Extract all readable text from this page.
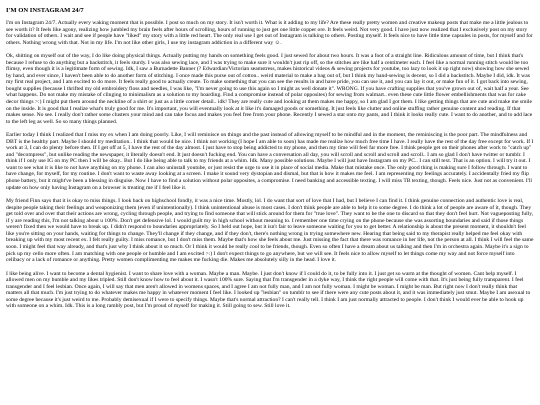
I'M ON INSTAGRAM 24/7

I'm on Instagram 24/7. Actually every waking moment that is possible. I post so much on my story. It isn't worth it. What is it adding to my life? Are these really pretty women and creative makeup posts that make me a little jealous to see worth it? It feels like agony, realizing how jumbled my brain feels after hours of scrolling, hours of running to just get one little copper ore. It feels weird. Not very good. I have just now realized that I exclusively post on my story for validation of others. I wait and see if people have "liked" my story with a little red heart. The only real use I get out of Instagram is talking to others. Posting myself. It feels nice to have little time capsules in posts, for myself and for others. Nothing wrong with that. Not in my life. I'm not like other girls, I use my instagram addiction in a different way ☺.

Ok, shitting on myself out of the way, I do like doing physical things. Actually putting my hands on something feels good. I just sewed for about two hours. It was a foot of a straight line. Ridiculous amount of time, but I think that's because I refuse to do anything but a backstitch, it feels sturdy. I was also sewing lace, and I was trying to make sure it wouldn't just rip off, so the stitches are like half a centimeter each. I feel like a normal running stitch would be too flimsy, even though it is a legitimate form of sewing. Idk, I saw a Burnadette Banner (? Edwardian/Victorian seamstress, makes historical videos & sewing projects for youtube, too lazy to look it up right now) showing how she sewed by hand, and ever since, I haven't been able to do another form of stitching. I once made this purse out of cotton.. weird material to make a bag out of, but I think my hand-sewing is decent, so I did a backstitch. Maybe I did, idk. It was my first real project, and I am excited to do more. It feels really good to actually create. To make something that you can see the results in and have pride, you can use it, and you can lay it out, or make fun of it. I got back into sewing, bought supplies (because I thrifted my old embroidery floss and needles, I was like, "I'm never going to use this again so I might as well donate it". WRONG. If you have crafting supplies that you've grown out of, wait half a year. See what happens. Do not make my mistake of clinging to minimalism as a solution to my hoarding. Find a compromise instead of polar opposites) for sewing from walmart.. even these cute little flower embellishments that was for cake decor things >:) I might put them around the neckline of a shirt or just as a little corner detail.. idk! They are really cute and looking at them makes me happy, so I am glad I got them. I like getting things that are cute and make me smile on the inside. It is good that I realize what's truly good for me. It's important, you will eventually look at it like it's damaged goods or something. It just feels like clutter and online stuffing rather genuine content and reading. If that makes sense. No see. I really don't rather some clusters your mind and can take focus and makes you feel free from your phone. Recently I sewed a star onto my pants, and I think it looks really cute. I want to do another, and to add lace to the left leg as well. So so many things planned.

Earlier today I think I realized that I miss my ex when I am doing poorly. Like, I will reminisce on things and the past instead of allowing myself to be mindful and in the moment, the reminiscing is the poor part. The mindfulness and DBT is the healthy part. Maybe I should try meditation.. I think that would be nice. I think not working (I hope I am able to soon) has made me realize how much free time I have. I really have the rest of the day free except for work. If I work at 3, I can do plenty before then. If I get off at 5, I have the rest of the day almost. I just have to stop being addicted to my phone, and then my time will feel far more free. I think people get on their phones after work to "catch up" and "decompress", but unlike reading the newspaper, it literally doesn't end. It just doesn't fucking end. You can have a conversation all day, you will scroll and scroll and scroll and scroll.. I am so glad I don't have twitter or tumblr. I think if I only use IG on my PC then I will be okay.. But I do like being able to talk to my friends at a whim. Idk. Many possible solutions. Maybe I will just have Instagram on my PC.. I can still text. That is an option. I will try it out. I want to see what it is like to not have anything on my phone. I can also uninstall youtube, or just resist the urge to use it in place of social media. Make that mistake once. The only good thing is making sure I follow through. I want to have change, for myself, for my routine. I don't want to waste away looking at a screen. I make it sound very dystopian and dismal, but that is how it makes me feel. I am representing my feelings accurately. I accidentally fried my flip phone battery, but it might've been a blessing in disguise. Now I have to find a solution without polar opposites, a compromise. I need banking and accessible texting. I will miss TB texting, though. Feels nice. Just not as convenient. I'll update on how only having Instagram on a browser is treating me if I feel like it.

My friend Finn says that it is okay to miss things. I look back on highschool fondly, it was a nice time. Mostly, lol. I do want that sort of love that I had, but I believe I can find it. I think genuine connection and authentic love is real, despite people taking their feelings and weaponizing them (even if unintentionally). I think unintentional abuse is most cases. I don't think people are able to help it to some degree. I do think a lot of people are aware of it, though. They get told over and over that their actions are wrong, cycling through people, and trying to find someone that will stick around for them for "true love". They want to be the one to discard so that they don't feel hurt. Not vagueposting fully, if y are reading this, I'm not talking about u 100%. Don't get defensive lol. I would guilt my in high school without meaning to. I remember one time crying on the phone because she was assorting boundaries and said if those things weren't fixed then we would have to break up. I didn't respond to boundaries appropriately. So I held out hope, but it isn't fair to leave someone waiting for you to get better. A relationship is about the present moment, it shouldn't feel like you're sitting on your hands, waiting for things to change. They'll change if they change, and if they don't, there's nothing wrong in trying somewhere new. Hearing that being said to my therapist really helped me feel okay with breaking up with my most recent ex. I felt really guilty. I miss romance, but I don't miss them. Maybe that's how she feels about me. Just missing the fact that there was romance in her life, not the person at all. I think I will feel the same soon. I might feel that way already, and that's just why I think about it so much. Or I think it would be really cool to be friends, though. Even so often I have a dream about us talking and then I'm in orchestra again. Maybe it's a sign to pick up my cello more often. I am matching with one people or humble and I am excited >:) I don't expect things to go anywhere, but we will see. It feels nice to allow myself to let things come my way and not force myself into celibacy or a lack of romance or anything. Pretty women complimenting me makes me fucking die. Makes me absolutely silly in the head. I love it.

I like being alive. I want to become a dental hygienist. I want to share love with a woman. Maybe a man. Maybe. I just don't know if I could do it, to be fully into it. I just get so warm at the thought of women. Cant help myself. I allowed men on my bumble and my likes tripled. Still don't know how to feel about it. I wasn't 100% sure. Saying that I'm transgender in a dyke way, I think the right people will come with that. It's just being fully transparent. I feel transgender and I feel lesbian. Once again, I will say that men aren't allowed in womens spaces, and I agree I am not fully man, and I am not fully woman. I might be woman. I might be man. But right now I don't really think that matters all that much. I'm just trying to do whatever makes me happy in whatever moment I feel like. I looked up "lesbian" on tumblr to see if there were any cute posts about it, and it was immediately just smut. Maybe I am asexual to some degree because it's just weird to me. Probably demisexual if I were to specify things. Maybe that's normal attraction? I can't really tell. I think I am just normally attracted to people. I don't think I would ever be able to hook up with someone on a whim. Idk. This is a long rambly post, but I'm proud of myself for making it. Still going to sew. Still love it.
